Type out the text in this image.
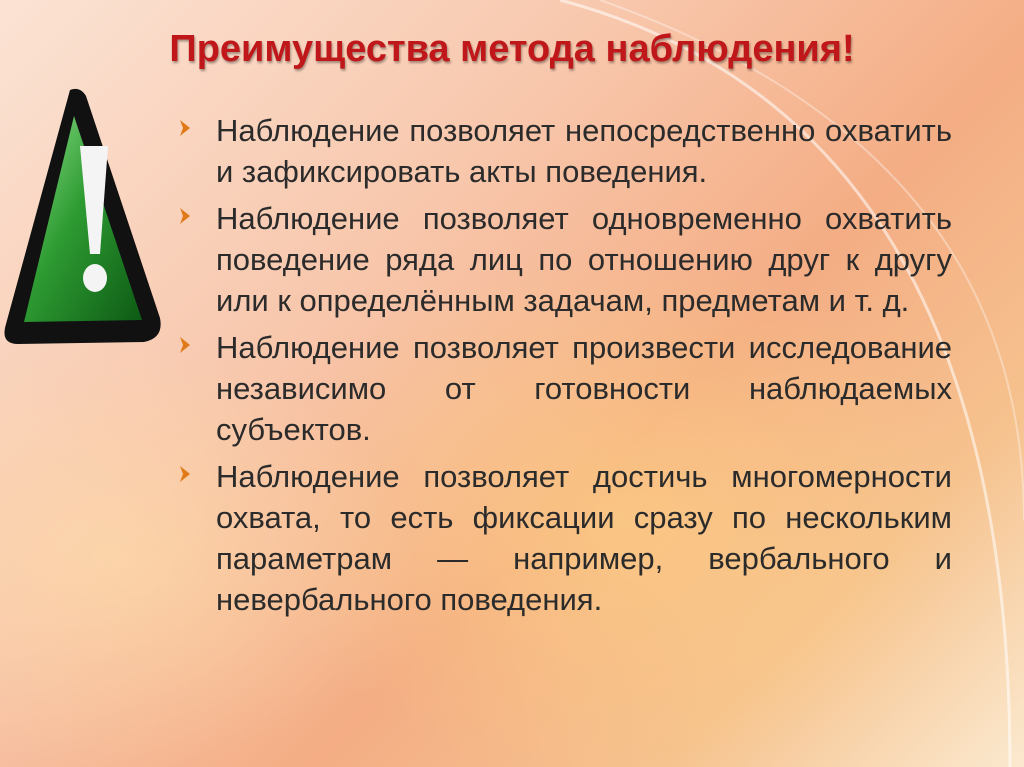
Преимущества метода наблюдения!
Наблюдение позволяет непосредственно охватить и зафиксировать акты поведения.
Наблюдение позволяет одновременно охватить поведение ряда лиц по отношению друг к другу или к определённым задачам, предметам и т. д.
Наблюдение позволяет произвести исследование независимо от готовности наблюдаемых субъектов.
Наблюдение позволяет достичь многомерности охвата, то есть фиксации сразу по нескольким параметрам — например, вербального и невербального поведения.
